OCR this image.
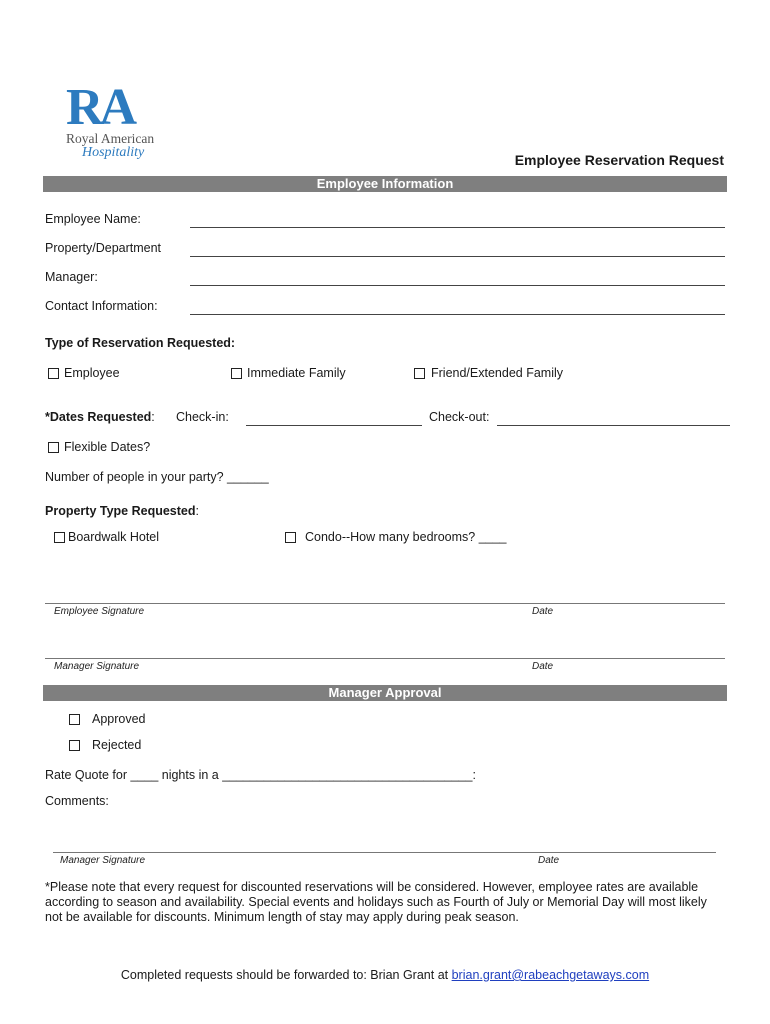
RA
Royal American
Hospitality	Employee Reservation Request
Employee Information
Employee Name:
Property/Department
Manager:
Contact Information:
Type of Reservation Requested:
Employee	Immediate Family	Friend/Extended Family
*Dates Requested: Check-in:	Check-out:
Flexible Dates?
Number of people in your party? ______
Property Type Requested:
Boardwalk Hotel	Condo--How many bedrooms? ____
Employee Signature	Date
Manager Signature	Date
Manager Approval
Approved
Rejected
Rate Quote for ____ nights in a ____________________________________:
Comments:
Manager Signature	Date
*Please note that every request for discounted reservations will be considered. However, employee rates are available
according to season and availability. Special events and holidays such as Fourth of July or Memorial Day will most likely
not be available for discounts. Minimum length of stay may apply during peak season.
Completed requests should be forwarded to: Brian Grant at brian.grant@rabeachgetaways.com
